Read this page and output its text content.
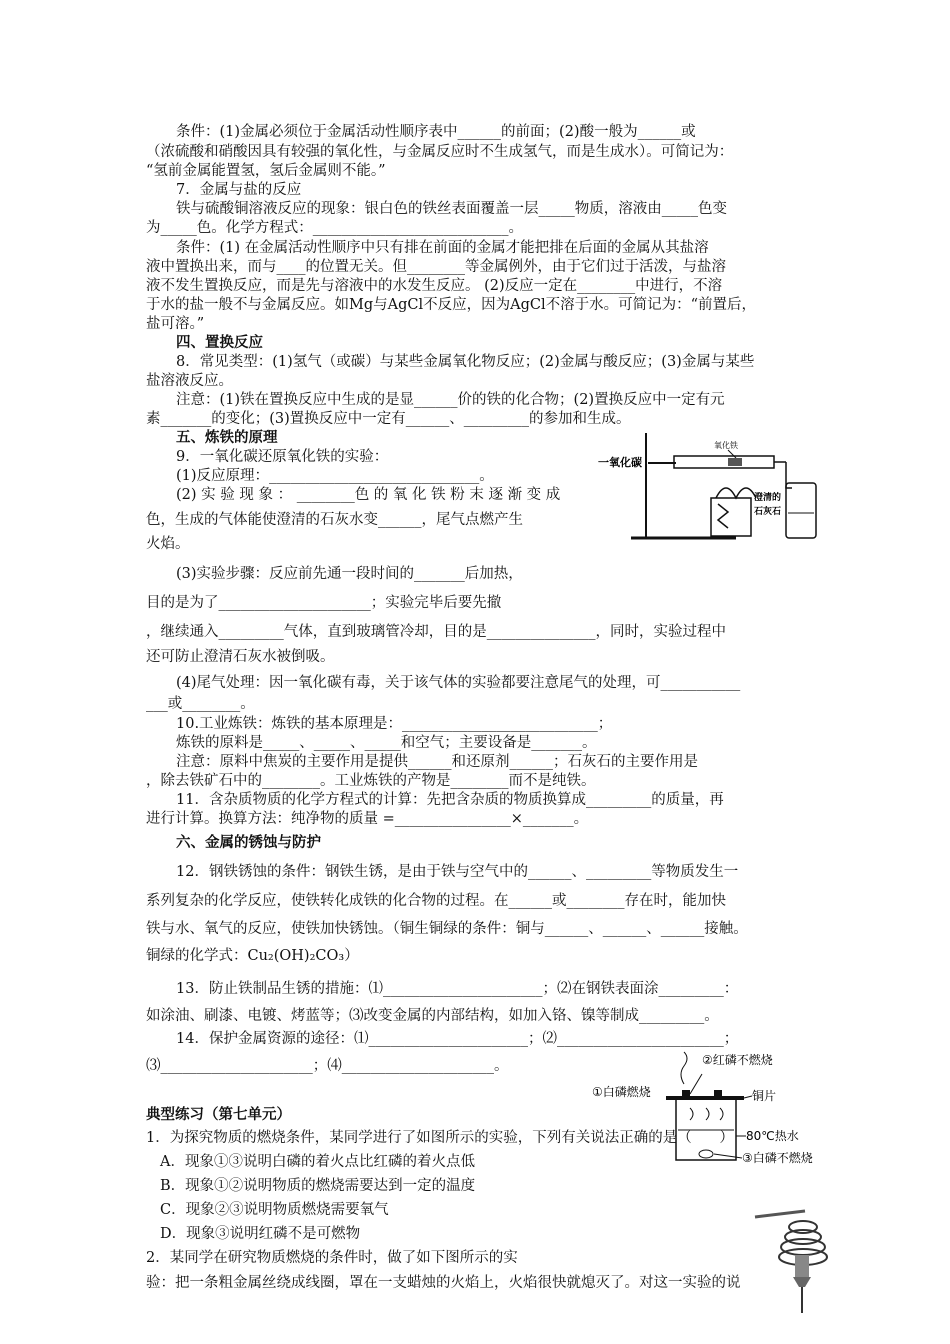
条件：(1)金属必须位于金属活动性顺序表中______的前面；(2)酸一般为______或
（浓硫酸和硝酸因具有较强的氧化性，与金属反应时不生成氢气，而是生成水）。可简记为：
“氢前金属能置氢，氢后金属则不能。”
7．金属与盐的反应
铁与硫酸铜溶液反应的现象：银白色的铁丝表面覆盖一层_____物质，溶液由_____色变
为_____色。化学方程式：___________________________。
条件：(1) 在金属活动性顺序中只有排在前面的金属才能把排在后面的金属从其盐溶
液中置换出来，而与____的位置无关。但________等金属例外，由于它们过于活泼，与盐溶
液不发生置换反应，而是先与溶液中的水发生反应。 (2)反应一定在________中进行，不溶
于水的盐一般不与金属反应。如Mg与AgCl不反应，因为AgCl不溶于水。可简记为：“前置后，
盐可溶。”
四、置换反应
8．常见类型：(1)氢气（或碳）与某些金属氧化物反应；(2)金属与酸反应；(3)金属与某些
盐溶液反应。
注意：(1)铁在置换反应中生成的是显______价的铁的化合物；(2)置换反应中一定有元
素_______的变化；(3)置换反应中一定有______、_________的参加和生成。
五、炼铁的原理
9．一氧化碳还原氧化铁的实验：
(1)反应原理：_____________________________。
(2) 实 验 现 象 ： ________色 的 氧 化 铁 粉 末 逐 渐 变 成
色，生成的气体能使澄清的石灰水变______，尾气点燃产生
火焰。
(3)实验步骤：反应前先通一段时间的_______后加热，
目的是为了_____________________；实验完毕后要先撤
，继续通入_________气体，直到玻璃管冷却，目的是_______________，同时，实验过程中
还可防止澄清石灰水被倒吸。
(4)尾气处理：因一氧化碳有毒，关于该气体的实验都要注意尾气的处理，可___________
___或________。
10.工业炼铁：炼铁的基本原理是：___________________________；
炼铁的原料是_____、_____、_____和空气；主要设备是_______。
注意：原料中焦炭的主要作用是提供______和还原剂______；石灰石的主要作用是
，除去铁矿石中的________。工业炼铁的产物是________而不是纯铁。
11．含杂质物质的化学方程式的计算：先把含杂质的物质换算成_________的质量，再
进行计算。换算方法：纯净物的质量 =________________×_______。
六、金属的锈蚀与防护
12．钢铁锈蚀的条件：钢铁生锈，是由于铁与空气中的______、_________等物质发生一
系列复杂的化学反应，使铁转化成铁的化合物的过程。在______或________存在时，能加快
铁与水、氧气的反应，使铁加快锈蚀。（铜生铜绿的条件：铜与______、______、______接触。
铜绿的化学式：Cu₂(OH)₂CO₃）
13．防止铁制品生锈的措施：⑴______________________；⑵在钢铁表面涂_________：
如涂油、刷漆、电镀、烤蓝等；⑶改变金属的内部结构，如加入铬、镍等制成_________。
14．保护金属资源的途径：⑴______________________；⑵_______________________；
⑶_____________________；⑷_____________________。
典型练习（第七单元）
1．为探究物质的燃烧条件，某同学进行了如图所示的实验，下列有关说法正确的是（      ）
A．现象①③说明白磷的着火点比红磷的着火点低
B．现象①②说明物质的燃烧需要达到一定的温度
C．现象②③说明物质燃烧需要氧气
D．现象③说明红磷不是可燃物
2．某同学在研究物质燃烧的条件时，做了如下图所示的实
验：把一条粗金属丝绕成线圈，罩在一支蜡烛的火焰上，火焰很快就熄灭了。对这一实验的说
一氧化碳
氧化铁
澄清的
石灰石
①白磷燃烧
②红磷不燃烧
铜片
80℃热水
③白磷不燃烧
